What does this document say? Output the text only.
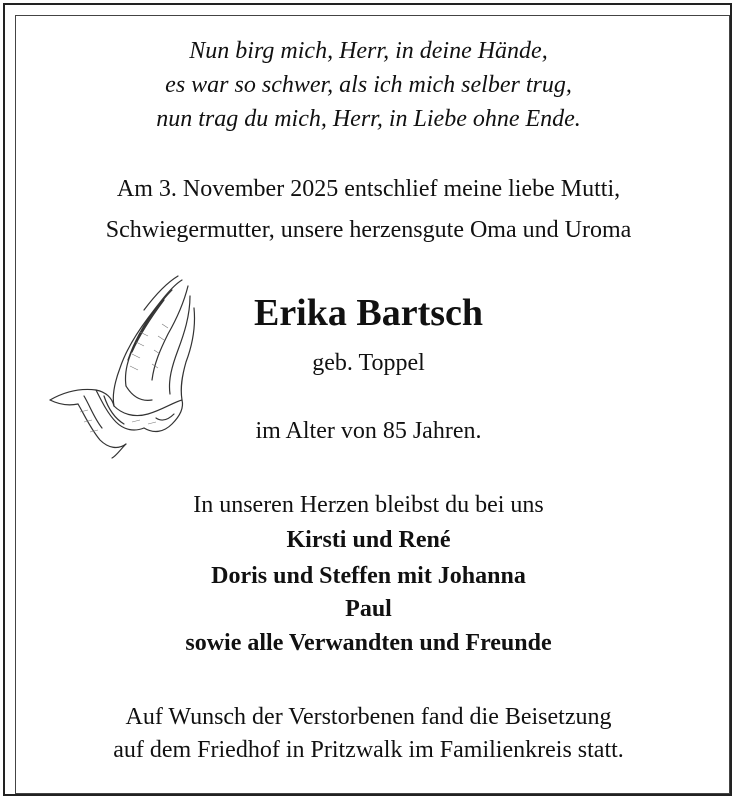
Nun birg mich, Herr, in deine Hände,
es war so schwer, als ich mich selber trug,
nun trag du mich, Herr, in Liebe ohne Ende.
Am 3. November 2025 entschlief meine liebe Mutti,
Schwiegermutter, unsere herzensgute Oma und Uroma
Erika Bartsch
geb. Toppel
im Alter von 85 Jahren.
In unseren Herzen bleibst du bei uns
Kirsti und René
Doris und Steffen mit Johanna
Paul
sowie alle Verwandten und Freunde
Auf Wunsch der Verstorbenen fand die Beisetzung
auf dem Friedhof in Pritzwalk im Familienkreis statt.
